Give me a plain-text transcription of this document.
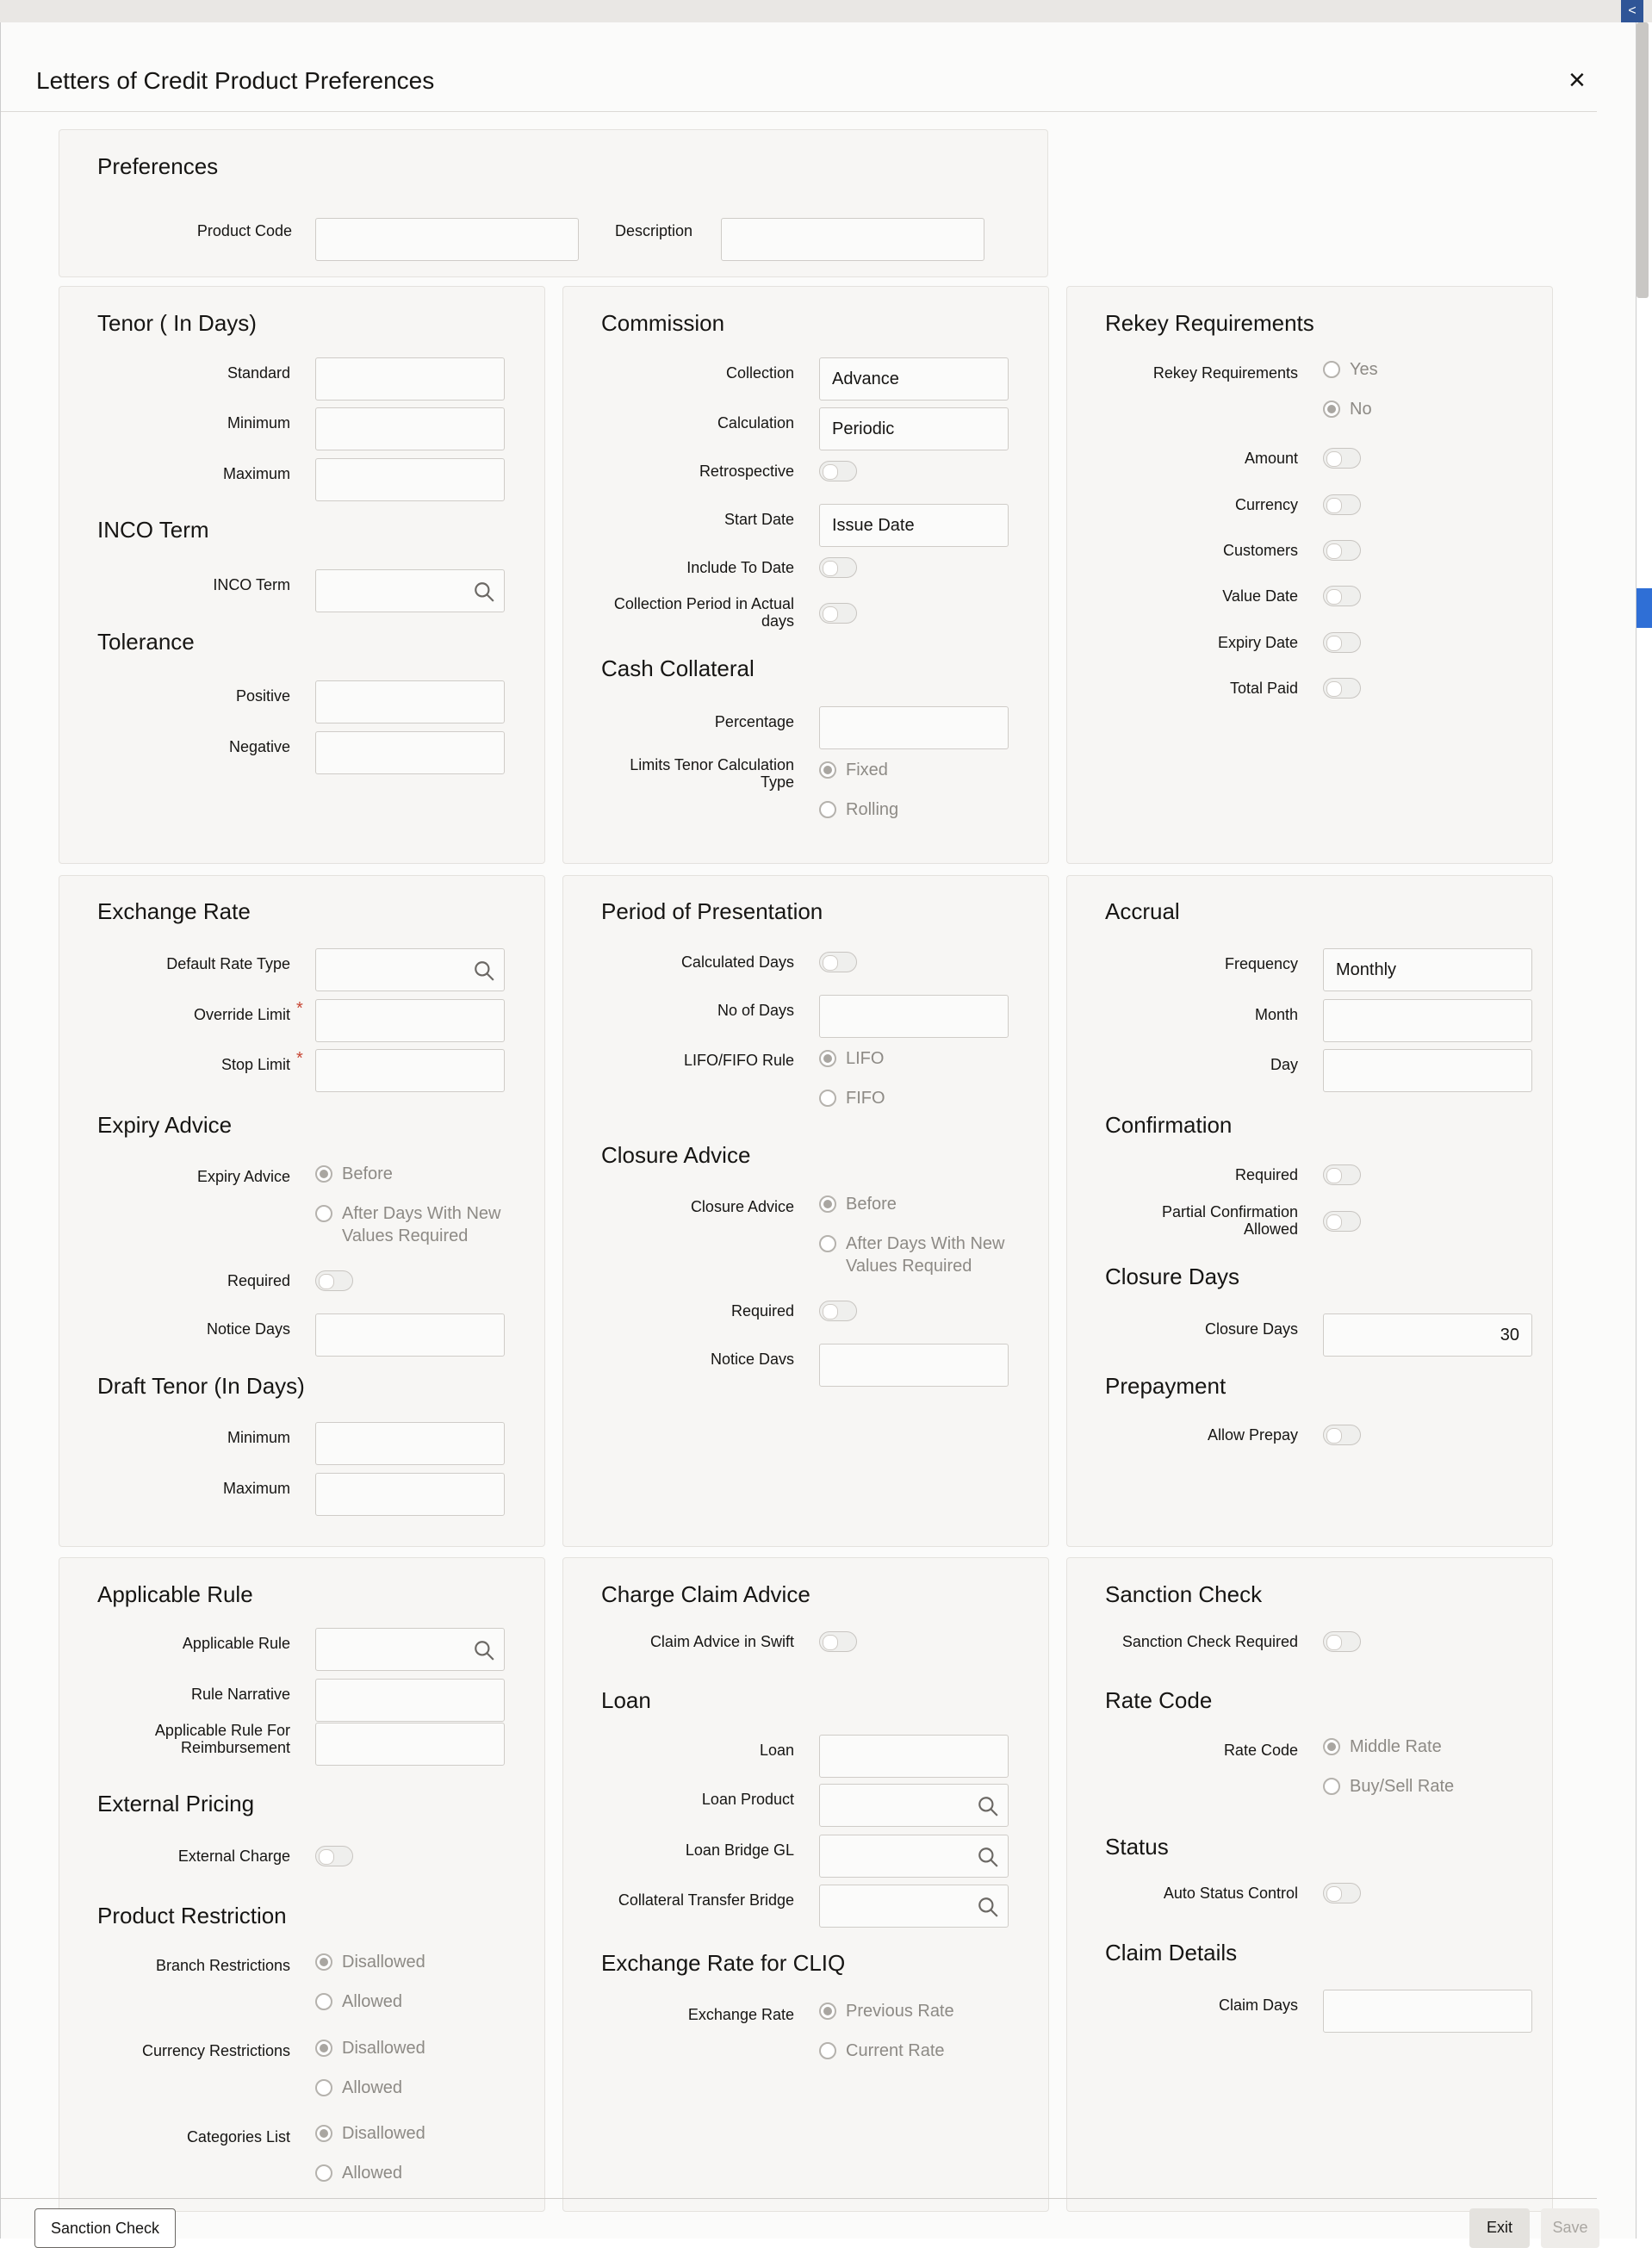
<
Letters of Credit Product Preferences	×
Preferences
Product Code	Description
Tenor ( In Days)
Standard
Minimum
Maximum
INCO Term
INCO Term
Tolerance
Positive
Negative
Commission
Collection	Advance
Calculation	Periodic
Retrospective
Start Date	Issue Date
Include To Date
Collection Period in Actual
days
Cash Collateral
Percentage
Limits Tenor Calculation
Type
Fixed
Rolling
Rekey Requirements
Rekey Requirements	Yes
No
Amount
Currency
Customers
Value Date
Expiry Date
Total Paid
Exchange Rate
Default Rate Type
Override Limit *
Stop Limit *
Expiry Advice
Expiry Advice	Before
After Days With New
Values Required
Required
Notice Days
Draft Tenor (In Days)
Minimum
Maximum
Period of Presentation
Calculated Days
No of Days
LIFO/FIFO Rule	LIFO
FIFO
Closure Advice
Closure Advice	Before
After Days With New
Values Required
Required
Notice Davs
Accrual
Frequency	Monthly
Month
Day
Confirmation
Required
Partial Confirmation
Allowed
Closure Days
Closure Days	30
Prepayment
Allow Prepay
Applicable Rule
Applicable Rule
Rule Narrative
Applicable Rule For
Reimbursement
External Pricing
External Charge
Product Restriction
Branch Restrictions	Disallowed
Allowed
Currency Restrictions	Disallowed
Allowed
Categories List	Disallowed
Allowed
Charge Claim Advice
Claim Advice in Swift
Loan
Loan
Loan Product
Loan Bridge GL
Collateral Transfer Bridge
Exchange Rate for CLIQ
Exchange Rate	Previous Rate
Current Rate
Sanction Check
Sanction Check Required
Rate Code
Rate Code	Middle Rate
Buy/Sell Rate
Status
Auto Status Control
Claim Details
Claim Days
Sanction Check	Exit	Save
